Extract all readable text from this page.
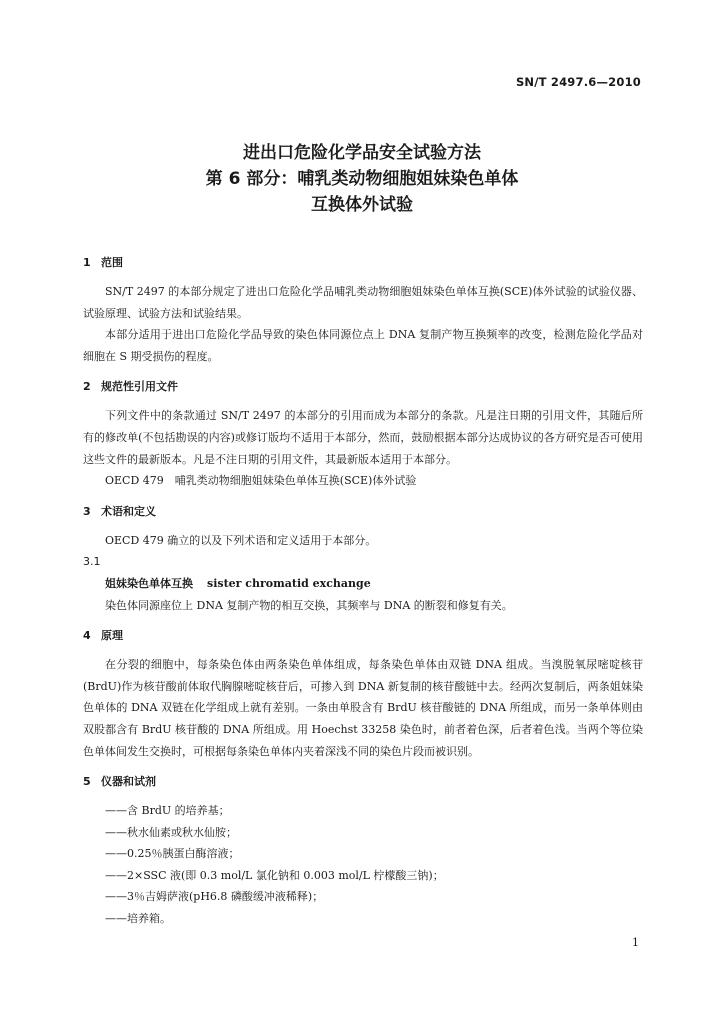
SN/T 2497.6—2010
进出口危险化学品安全试验方法
第 6 部分：哺乳类动物细胞姐妹染色单体
互换体外试验
1 范围

SN/T 2497 的本部分规定了进出口危险化学品哺乳类动物细胞姐妹染色单体互换(SCE)体外试验的试验仪器、试验原理、试验方法和试验结果。

本部分适用于进出口危险化学品导致的染色体同源位点上 DNA 复制产物互换频率的改变，检测危险化学品对细胞在 S 期受损伤的程度。

2 规范性引用文件

下列文件中的条款通过 SN/T 2497 的本部分的引用而成为本部分的条款。凡是注日期的引用文件，其随后所有的修改单(不包括勘误的内容)或修订版均不适用于本部分，然而，鼓励根据本部分达成协议的各方研究是否可使用这些文件的最新版本。凡是不注日期的引用文件，其最新版本适用于本部分。

OECD 479　哺乳类动物细胞姐妹染色单体互换(SCE)体外试验
3 术语和定义
OECD 479 确立的以及下列术语和定义适用于本部分。
3.1
姐妹染色单体互换 sister chromatid exchange
染色体同源座位上 DNA 复制产物的相互交换，其频率与 DNA 的断裂和修复有关。
4 原理

在分裂的细胞中，每条染色体由两条染色单体组成，每条染色单体由双链 DNA 组成。当溴脱氧尿嘧啶核苷(BrdU)作为核苷酸前体取代胸腺嘧啶核苷后，可掺入到 DNA 新复制的核苷酸链中去。经两次复制后，两条姐妹染色单体的 DNA 双链在化学组成上就有差别。一条由单股含有 BrdU 核苷酸链的 DNA 所组成，而另一条单体则由双股都含有 BrdU 核苷酸的 DNA 所组成。用 Hoechst 33258 染色时，前者着色深，后者着色浅。当两个等位染色单体间发生交换时，可根据每条染色单体内夹着深浅不同的染色片段而被识别。

5 仪器和试剂
——含 BrdU 的培养基；
——秋水仙素或秋水仙胺；
——0.25％胰蛋白酶溶液；
——2×SSC 液(即 0.3 mol/L 氯化钠和 0.003 mol/L 柠檬酸三钠)；
——3％吉姆萨液(pH6.8 磷酸缓冲液稀释)；
——培养箱。
1
